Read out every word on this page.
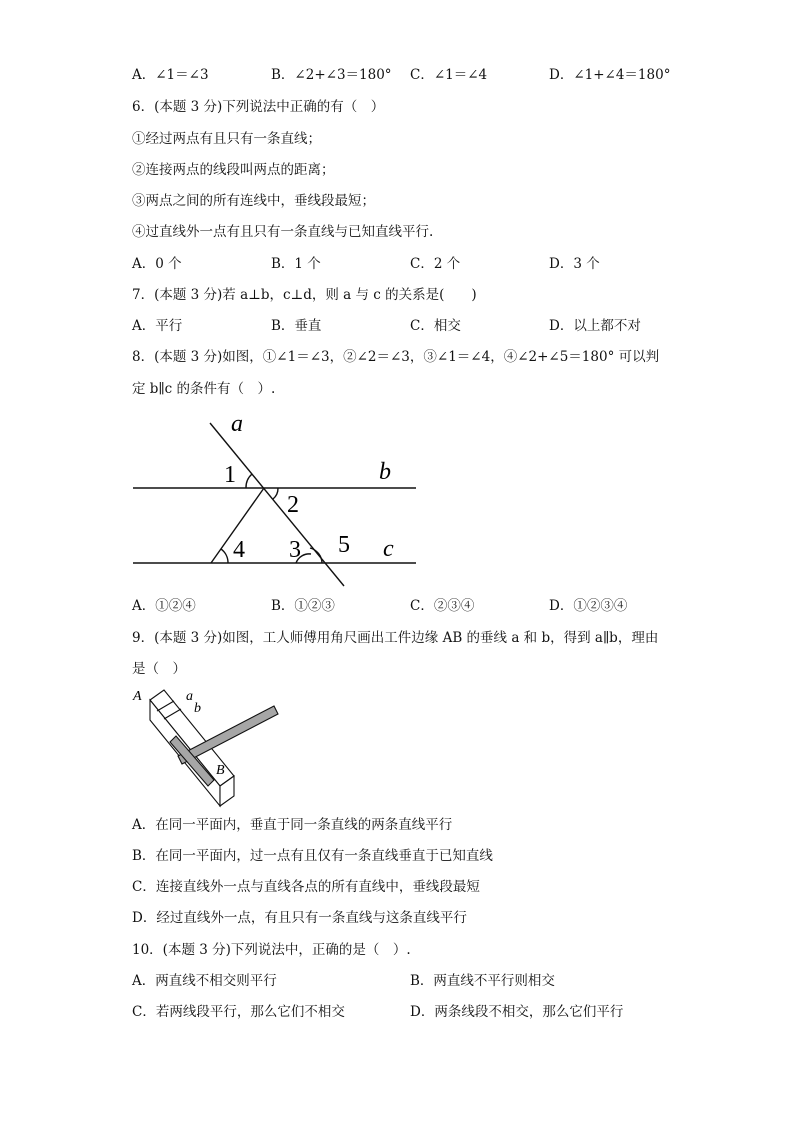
A．∠1＝∠3	B．∠2+∠3＝180° C．∠1＝∠4	D．∠1+∠4＝180°
6．(本题 3 分)下列说法中正确的有（　）
①经过两点有且只有一条直线；
②连接两点的线段叫两点的距离；
③两点之间的所有连线中，垂线段最短；
④过直线外一点有且只有一条直线与已知直线平行.
A．0 个	B．1 个	C．2 个	D．3 个
7．(本题 3 分)若 a⊥b，c⊥d，则 a 与 c 的关系是(　　)
A．平行	B．垂直	C．相交	D．以上都不对
8．(本题 3 分)如图，①∠1＝∠3，②∠2＝∠3，③∠1＝∠4，④∠2+∠5＝180° 可以判
定 b∥c 的条件有（　）.
a
b
c
1
2
4 3 5
A．①②④	B．①②③	C．②③④	D．①②③④
9．(本题 3 分)如图，工人师傅用角尺画出工件边缘 AB 的垂线 a 和 b，得到 a∥b，理由
是（　）
A	a
b
B
A．在同一平面内，垂直于同一条直线的两条直线平行
B．在同一平面内，过一点有且仅有一条直线垂直于已知直线
C．连接直线外一点与直线各点的所有直线中，垂线段最短
D．经过直线外一点，有且只有一条直线与这条直线平行
10．(本题 3 分)下列说法中，正确的是（　）.
A．两直线不相交则平行	B．两直线不平行则相交
C．若两线段平行，那么它们不相交	D．两条线段不相交，那么它们平行
